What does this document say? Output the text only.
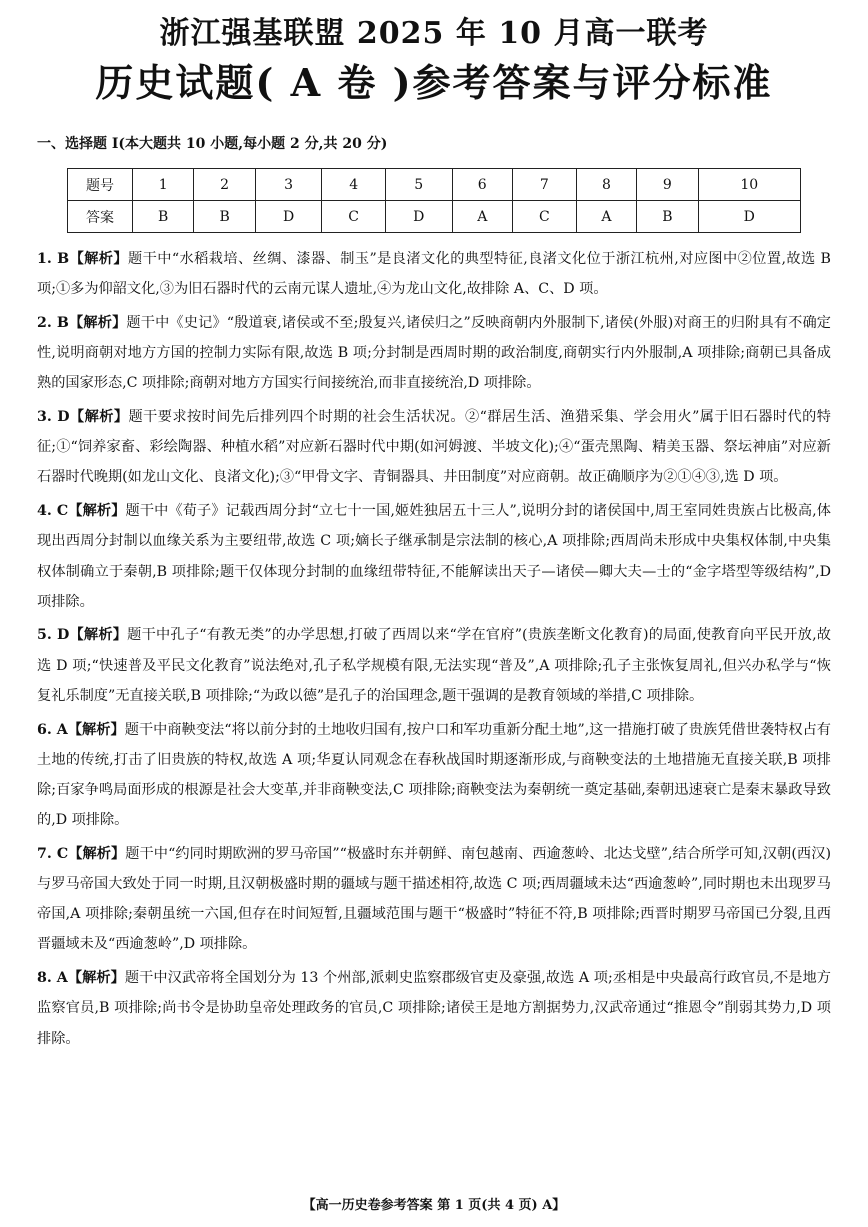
浙江强基联盟 2025 年 10 月高一联考
历史试题( A 卷 )参考答案与评分标准
一、选择题 I(本大题共 10 小题,每小题 2 分,共 20 分)
题号	1	2	3	4	5	6	7	8	9	10
答案	B	B	D	C	D	A	C	A	B	D

1. B【解析】题干中“水稻栽培、丝绸、漆器、制玉”是良渚文化的典型特征,良渚文化位于浙江杭州,对应图中②位置,故选 B 项;①多为仰韶文化,③为旧石器时代的云南元谋人遗址,④为龙山文化,故排除 A、C、D 项。

2. B【解析】题干中《史记》“殷道衰,诸侯或不至;殷复兴,诸侯归之”反映商朝内外服制下,诸侯(外服)对商王的归附具有不确定性,说明商朝对地方方国的控制力实际有限,故选 B 项;分封制是西周时期的政治制度,商朝实行内外服制,A 项排除;商朝已具备成熟的国家形态,C 项排除;商朝对地方方国实行间接统治,而非直接统治,D 项排除。

3. D【解析】题干要求按时间先后排列四个时期的社会生活状况。②“群居生活、渔猎采集、学会用火”属于旧石器时代的特征;①“饲养家畜、彩绘陶器、种植水稻”对应新石器时代中期(如河姆渡、半坡文化);④“蛋壳黑陶、精美玉器、祭坛神庙”对应新石器时代晚期(如龙山文化、良渚文化);③“甲骨文字、青铜器具、井田制度”对应商朝。故正确顺序为②①④③,选 D 项。

4. C【解析】题干中《荀子》记载西周分封“立七十一国,姬姓独居五十三人”,说明分封的诸侯国中,周王室同姓贵族占比极高,体现出西周分封制以血缘关系为主要纽带,故选 C 项;嫡长子继承制是宗法制的核心,A 项排除;西周尚未形成中央集权体制,中央集权体制确立于秦朝,B 项排除;题干仅体现分封制的血缘纽带特征,不能解读出天子—诸侯—卿大夫—士的“金字塔型等级结构”,D 项排除。

5. D【解析】题干中孔子“有教无类”的办学思想,打破了西周以来“学在官府”(贵族垄断文化教育)的局面,使教育向平民开放,故选 D 项;“快速普及平民文化教育”说法绝对,孔子私学规模有限,无法实现“普及”,A 项排除;孔子主张恢复周礼,但兴办私学与“恢复礼乐制度”无直接关联,B 项排除;“为政以德”是孔子的治国理念,题干强调的是教育领域的举措,C 项排除。

6. A【解析】题干中商鞅变法“将以前分封的土地收归国有,按户口和军功重新分配土地”,这一措施打破了贵族凭借世袭特权占有土地的传统,打击了旧贵族的特权,故选 A 项;华夏认同观念在春秋战国时期逐渐形成,与商鞅变法的土地措施无直接关联,B 项排除;百家争鸣局面形成的根源是社会大变革,并非商鞅变法,C 项排除;商鞅变法为秦朝统一奠定基础,秦朝迅速衰亡是秦末暴政导致的,D 项排除。

7. C【解析】题干中“约同时期欧洲的罗马帝国”“极盛时东并朝鲜、南包越南、西逾葱岭、北达戈壁”,结合所学可知,汉朝(西汉)与罗马帝国大致处于同一时期,且汉朝极盛时期的疆域与题干描述相符,故选 C 项;西周疆域未达“西逾葱岭”,同时期也未出现罗马帝国,A 项排除;秦朝虽统一六国,但存在时间短暂,且疆域范围与题干“极盛时”特征不符,B 项排除;西晋时期罗马帝国已分裂,且西晋疆域未及“西逾葱岭”,D 项排除。

8. A【解析】题干中汉武帝将全国划分为 13 个州部,派刺史监察郡级官吏及豪强,故选 A 项;丞相是中央最高行政官员,不是地方监察官员,B 项排除;尚书令是协助皇帝处理政务的官员,C 项排除;诸侯王是地方割据势力,汉武帝通过“推恩令”削弱其势力,D 项排除。

【高一历史卷参考答案 第 1 页(共 4 页) A】
